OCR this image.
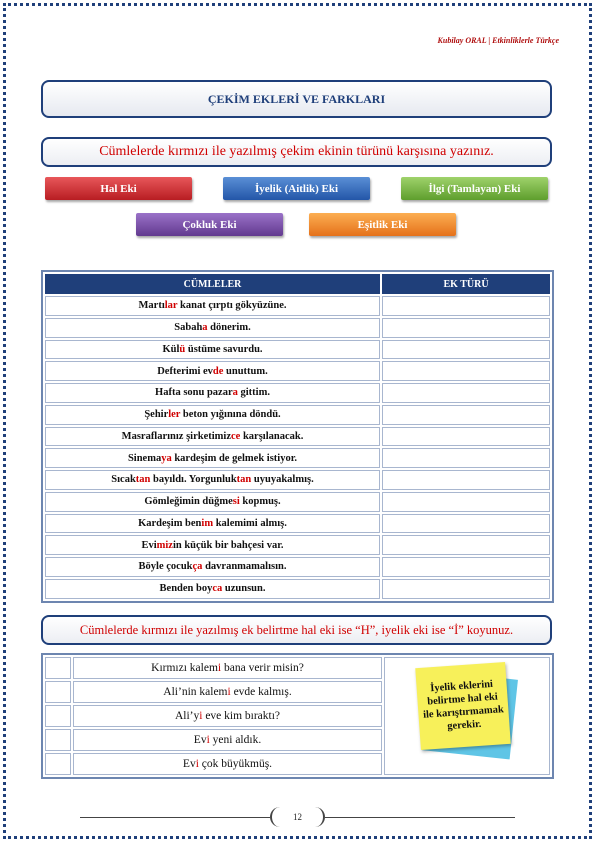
Kubilay ORAL | Etkinliklerle Türkçe
ÇEKİM EKLERİ VE FARKLARI
Cümlelerde kırmızı ile yazılmış çekim ekinin türünü karşısına yazınız.
Hal Eki	İyelik (Aitlik) Eki	İlgi (Tamlayan) Eki
Çokluk Eki	Eşitlik Eki
CÜMLELER	EK TÜRÜ
Martılar kanat çırptı gökyüzüne.	
Sabaha dönerim.	
Külü üstüme savurdu.	
Defterimi evde unuttum.	
Hafta sonu pazara gittim.	
Şehirler beton yığınına döndü.	
Masraflarınız şirketimizce karşılanacak.	
Sinemaya kardeşim de gelmek istiyor.	
Sıcaktan bayıldı. Yorgunluktan uyuyakalmış.	
Gömleğimin düğmesi kopmuş.	
Kardeşim benim kalemimi almış.	
Evimizin küçük bir bahçesi var.	
Böyle çocukça davranmamalısın.	
Benden boyca uzunsun.	
Cümlelerde kırmızı ile yazılmış ek belirtme hal eki ise “H”, iyelik eki ise “İ” koyunuz.
	Kırmızı kalemi bana verir misin?	
	Ali’nin kalemi evde kalmış.	
	Ali’yi eve kim bıraktı?	
	Evi yeni aldık.	
	Evi çok büyükmüş.	
İyelik eklerini belirtme hal eki ile karıştırmamak gerekir.
12
